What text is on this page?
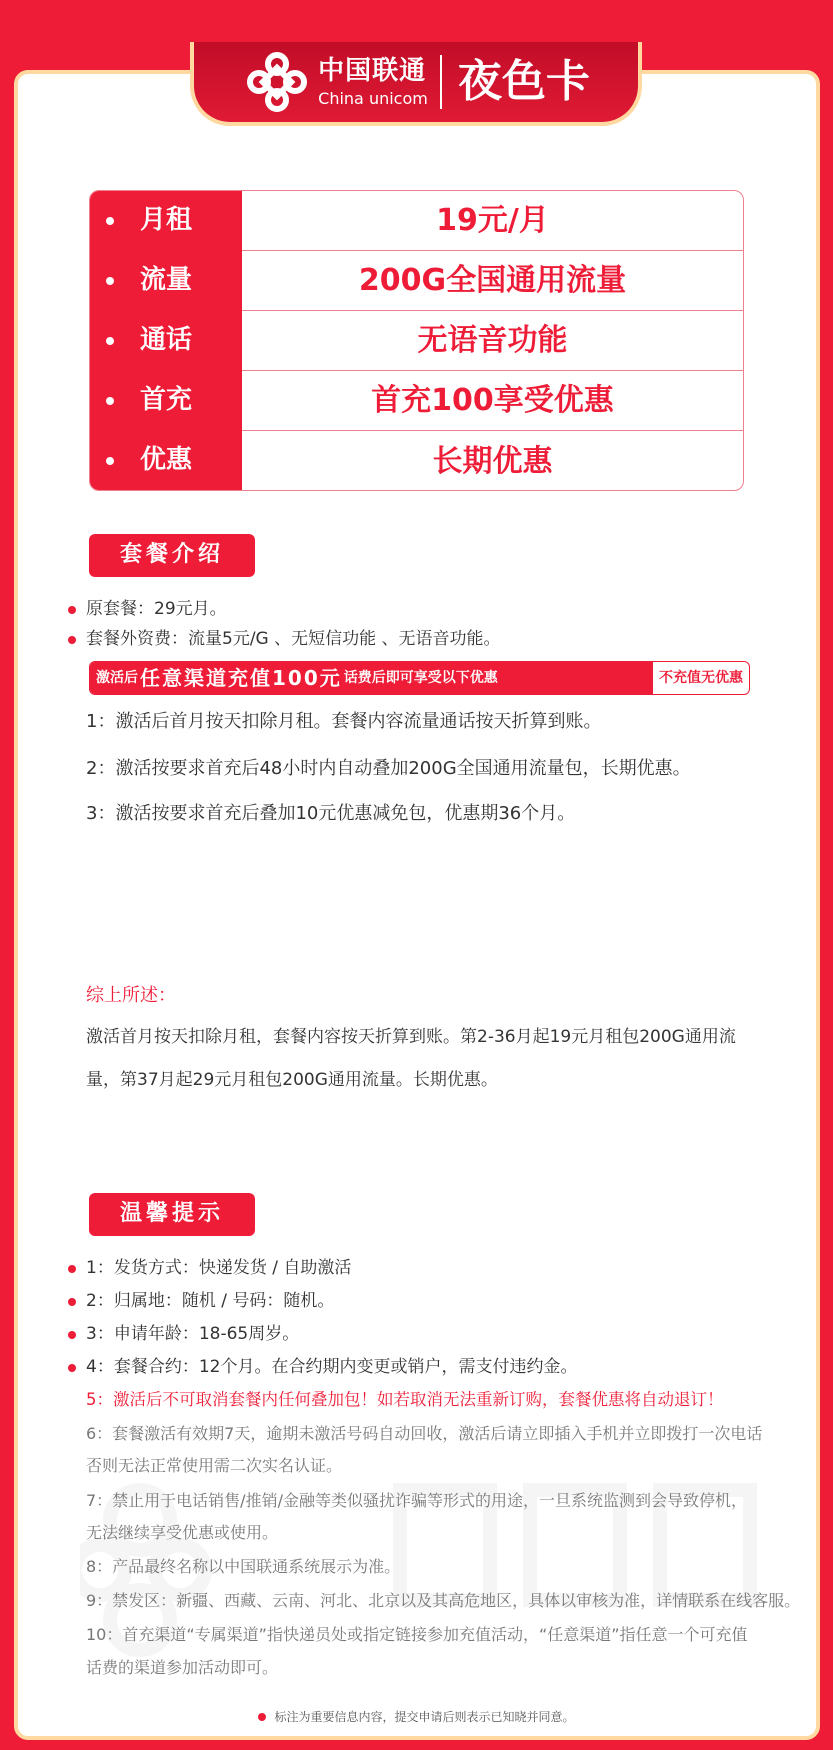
中国联通
China unicom 夜色卡
月租
流量
通话
首充
优惠
19元/月
200G全国通用流量
无语音功能
首充100享受优惠
长期优惠
套餐介绍
原套餐：29元月。
套餐外资费：流量5元/G 、无短信功能 、无语音功能。
激活后 任意渠道充值100元 话费后即可享受以下优惠	不充值无优惠
1：激活后首月按天扣除月租。套餐内容流量通话按天折算到账。
2：激活按要求首充后48小时内自动叠加200G全国通用流量包，长期优惠。
3：激活按要求首充后叠加10元优惠减免包，优惠期36个月。
综上所述：
激活首月按天扣除月租，套餐内容按天折算到账。第2-36月起19元月租包200G通用流
量，第37月起29元月租包200G通用流量。长期优惠。
温馨提示
1：发货方式：快递发货 / 自助激活
2：归属地：随机 / 号码：随机。
3：申请年龄：18-65周岁。
4：套餐合约：12个月。在合约期内变更或销户，需支付违约金。
5：激活后不可取消套餐内任何叠加包！如若取消无法重新订购，套餐优惠将自动退订！
6：套餐激活有效期7天，逾期未激活号码自动回收，激活后请立即插入手机并立即拨打一次电话
否则无法正常使用需二次实名认证。
7：禁止用于电话销售/推销/金融等类似骚扰诈骗等形式的用途，一旦系统监测到会导致停机，
无法继续享受优惠或使用。
8：产品最终名称以中国联通系统展示为准。
9：禁发区：新疆、西藏、云南、河北、北京以及其高危地区，具体以审核为准，详情联系在线客服。
10：首充渠道“专属渠道”指快递员处或指定链接参加充值活动，“任意渠道”指任意一个可充值
话费的渠道参加活动即可。
标注为重要信息内容，提交申请后则表示已知晓并同意。
